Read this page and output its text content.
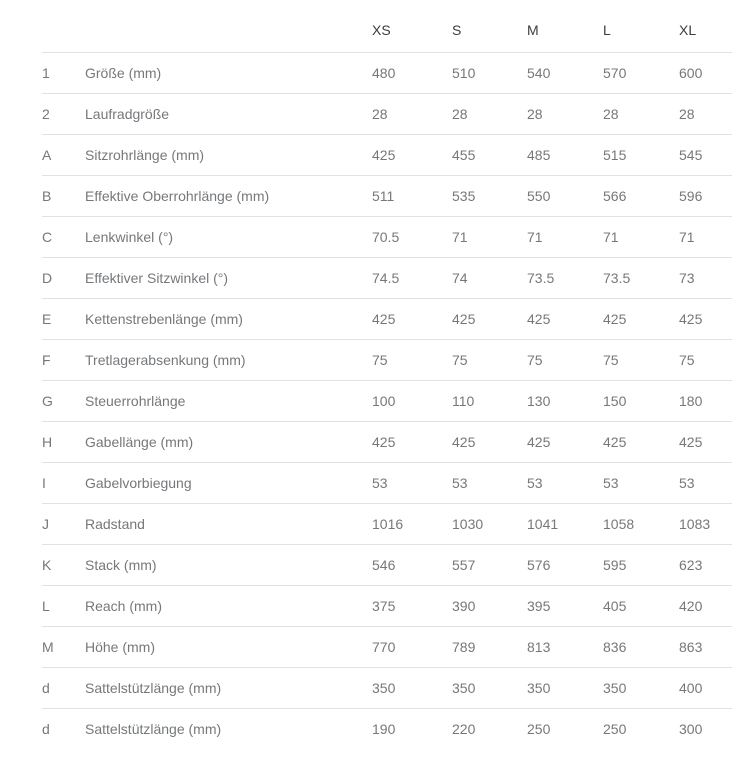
		XS	S	M	L	XL
1	Größe (mm)	480	510	540	570	600
2	Laufradgröße	28	28	28	28	28
A	Sitzrohrlänge (mm)	425	455	485	515	545
B	Effektive Oberrohrlänge (mm)	511	535	550	566	596
C	Lenkwinkel (°)	70.5	71	71	71	71
D	Effektiver Sitzwinkel (°)	74.5	74	73.5	73.5	73
E	Kettenstrebenlänge (mm)	425	425	425	425	425
F	Tretlagerabsenkung (mm)	75	75	75	75	75
G	Steuerrohrlänge	100	110	130	150	180
H	Gabellänge (mm)	425	425	425	425	425
I	Gabelvorbiegung	53	53	53	53	53
J	Radstand	1016	1030	1041	1058	1083
K	Stack (mm)	546	557	576	595	623
L	Reach (mm)	375	390	395	405	420
M	Höhe (mm)	770	789	813	836	863
d	Sattelstützlänge (mm)	350	350	350	350	400
d	Sattelstützlänge (mm)	190	220	250	250	300
